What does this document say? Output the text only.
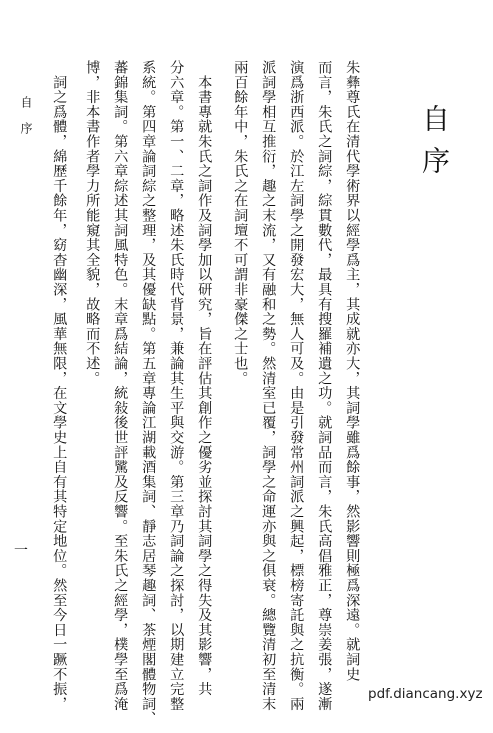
自序
朱彝尊氏在清代學術界以經學爲主，其成就亦大，其詞學雖爲餘事，然影響則極爲深遠。就詞史
而言，朱氏之詞綜，綜貫數代，最具有搜羅補遺之功。就詞品而言，朱氏高倡雅正，尊崇姜張，遂漸
演爲浙西派。於江左詞學之開發宏大，無人可及。由是引發常州詞派之興起，標榜寄託與之抗衡。兩
派詞學相互推衍，趣之末流，又有融和之勢。然清室已覆，詞學之命運亦與之俱衰。總覽清初至清末
兩百餘年中，朱氏之在詞壇不可謂非豪傑之士也。
　本書專就朱氏之詞作及詞學加以研究，旨在評估其創作之優劣並探討其詞學之得失及其影響，共
分六章。第一、二章，略述朱氏時代背景，兼論其生平與交游。第三章乃詞論之探討，以期建立完整
系統。第四章論詞綜之整理，及其優缺點。第五章專論江湖載酒集詞、靜志居琴趣詞、茶煙閣體物詞、
蕃錦集詞。第六章綜述其詞風特色。末章爲結論，統敍後世評騭及反響。至朱氏之經學，樸學至爲淹
博，非本書作者學力所能窺其全貌，故略而不述。
　詞之爲體，綿歷千餘年，窈杳幽深，風華無限，在文學史上自有其特定地位。然至今日一蹶不振，
自序
一
pdf.diancang.xyz
